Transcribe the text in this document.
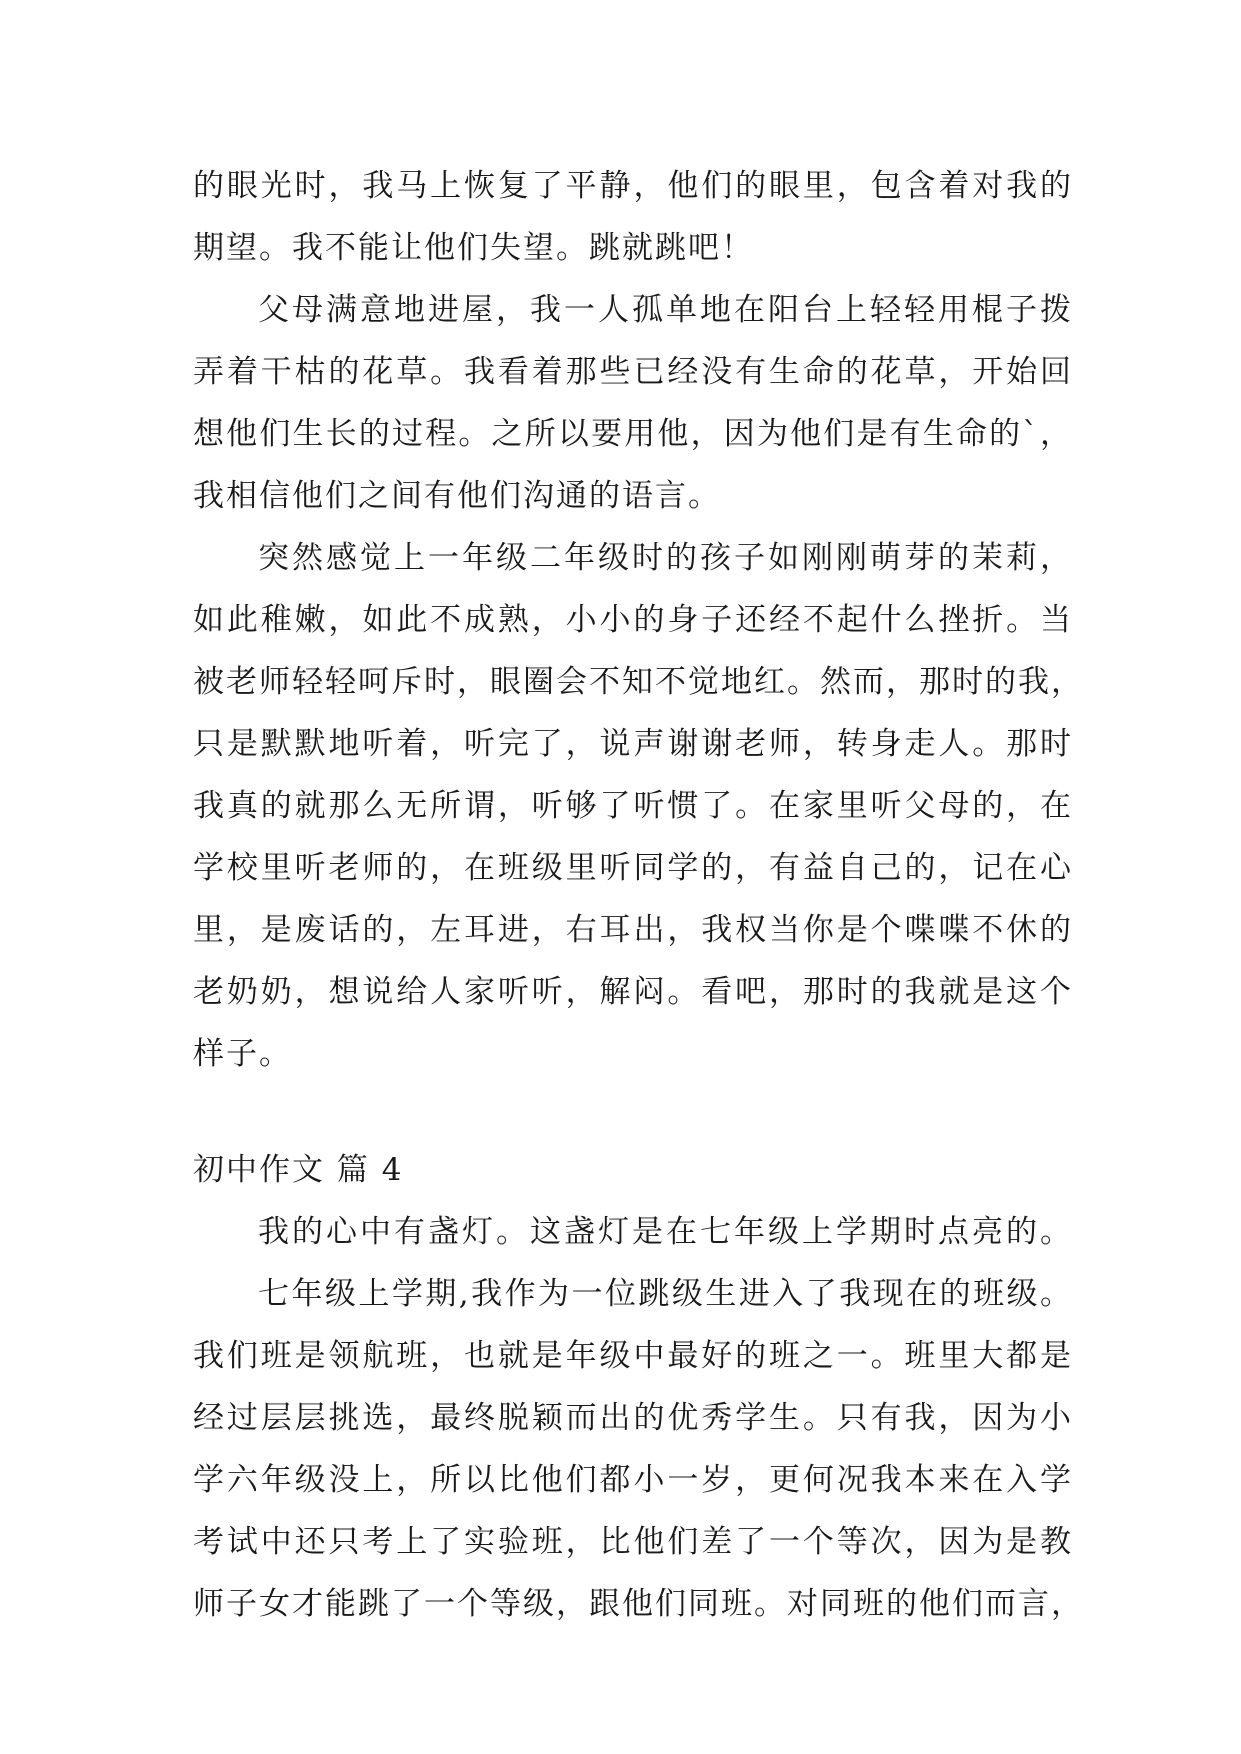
的眼光时，我马上恢复了平静，他们的眼里，包含着对我的
期望。我不能让他们失望。跳就跳吧！
父母满意地进屋，我一人孤单地在阳台上轻轻用棍子拨
弄着干枯的花草。我看着那些已经没有生命的花草，开始回
想他们生长的过程。之所以要用他，因为他们是有生命的`，
我相信他们之间有他们沟通的语言。
突然感觉上一年级二年级时的孩子如刚刚萌芽的茉莉，
如此稚嫩，如此不成熟，小小的身子还经不起什么挫折。当
被老师轻轻呵斥时，眼圈会不知不觉地红。然而，那时的我，
只是默默地听着，听完了，说声谢谢老师，转身走人。那时
我真的就那么无所谓，听够了听惯了。在家里听父母的，在
学校里听老师的，在班级里听同学的，有益自己的，记在心
里，是废话的，左耳进，右耳出，我权当你是个喋喋不休的
老奶奶，想说给人家听听，解闷。看吧，那时的我就是这个
样子。
初中作文 篇 4
我的心中有盏灯。这盏灯是在七年级上学期时点亮的。
七年级上学期,我作为一位跳级生进入了我现在的班级。
我们班是领航班，也就是年级中最好的班之一。班里大都是
经过层层挑选，最终脱颖而出的优秀学生。只有我，因为小
学六年级没上，所以比他们都小一岁，更何况我本来在入学
考试中还只考上了实验班，比他们差了一个等次，因为是教
师子女才能跳了一个等级，跟他们同班。对同班的他们而言，
